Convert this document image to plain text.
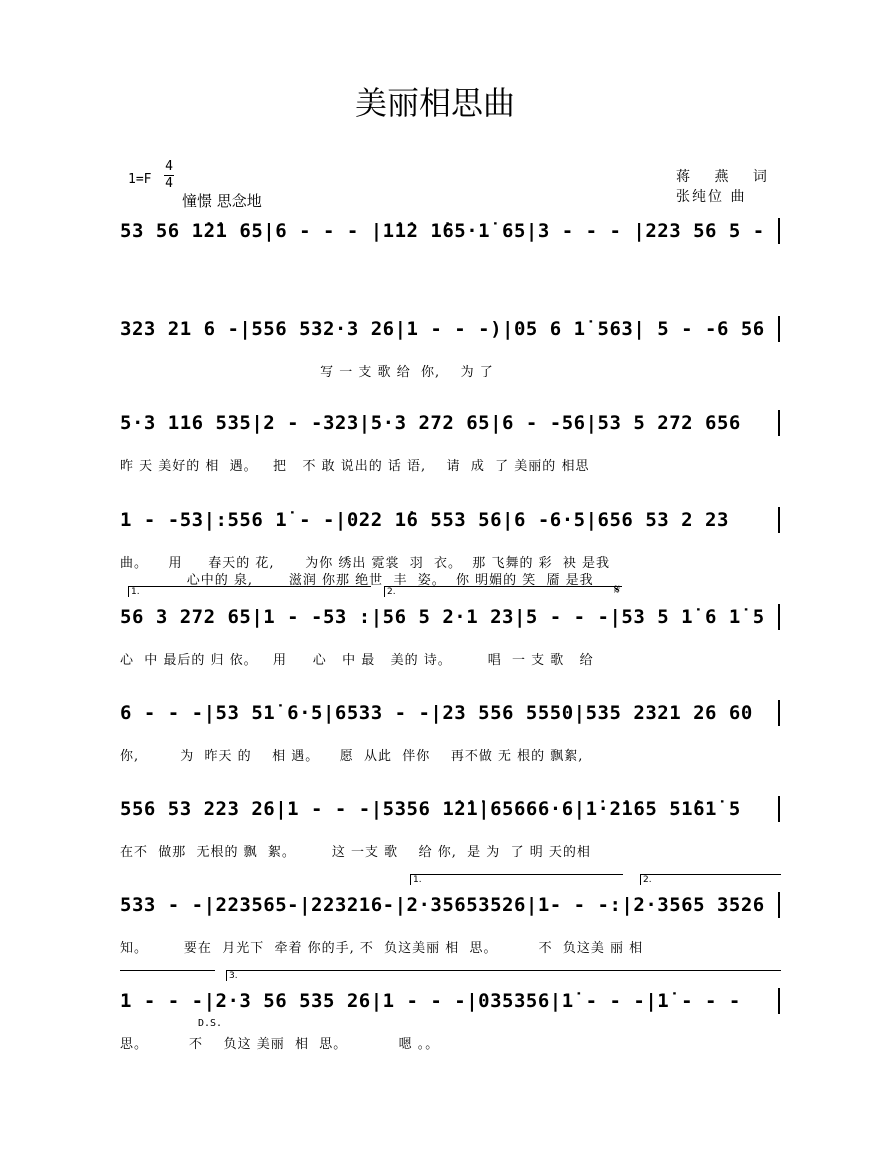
美丽相思曲
1=F
4
4
憧憬 思念地
蒋 燕 词
张纯位 曲
53 56 1̇2̇1 65|6 - - - |1̇1̇2 1̇65·1̇ 65|3 - - - |223 56 5 -
323 21 6 -|556 532·3 26|1 - - -)|05 6 1̇ 563| 5 - -6 56
写 一 支 歌 给  你,    为 了
5·3 116 535|2 - -323|5·3 272 65|6 - -56|53 5 272 656
昨 天 美好的 相  遇。   把   不 敢 说出的 话 语,    请  成  了 美丽的 相思
1 - -53|:556 1̇ - -|022 1̇6 553 56|6 -6·5|656 53 2 23
曲。    用     春天的 花,      为你 绣出 霓裳  羽  衣。  那 飞舞的 彩  袂 是我
心中的 泉,       滋润 你那 绝世  丰  姿。  你 明媚的 笑  靥 是我
1.	2.	𝄋
56 3 272 65|1 - -53 :|56 5 2·1 23|5 - - -|53 5 1̇ 6 1̇ 5
心  中 最后的 归 依。   用     心   中 最   美的 诗。       唱  一 支 歌   给
6 - - -|53 51̇ 6·5|6533 - -|23 556 5550|535 2321 26 60
你,        为  昨天 的    相 遇。    愿  从此  伴你    再不做 无 根的 飘絮,
556 53 223 26|1 - - -|5356 1̇2̇1̇|65666·6|1̇·2̇165 51̇61̇ 5
在不  做那  无根的 飘  絮。       这 一支 歌    给 你,  是 为  了 明 天的相
1.	2.
533 - -|223565-|223216-|2·35653526|1- - -:|2·3565 3526
知。       要在  月光下  牵着 你的手, 不  负这美丽 相  思。        不  负这美 丽 相
3.
D.S.
1 - - -|2·3 56 535 26|1 - - -|035356|1̇ - - -|1̇ - - -
思。        不    负这 美丽  相  思。          嗯 。。
